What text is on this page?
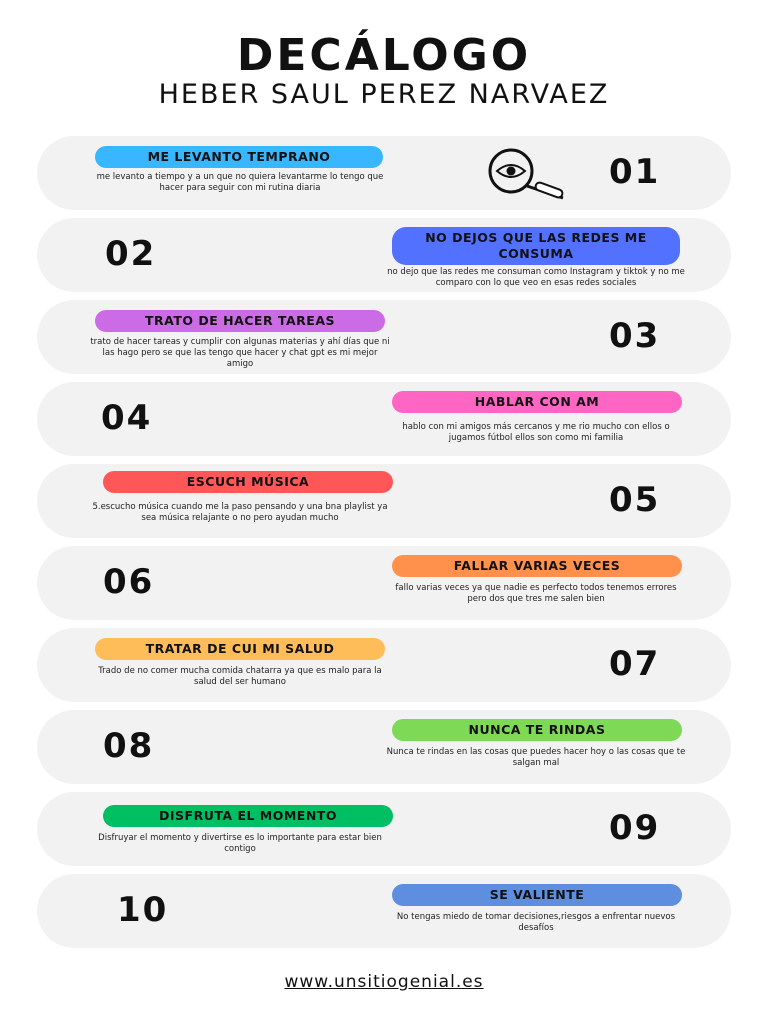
DECÁLOGO
HEBER SAUL PEREZ NARVAEZ
ME LEVANTO TEMPRANO
me levanto a tiempo y a un que no quiera levantarme lo tengo que hacer para seguir con mi rutina diaria	01
02	NO DEJOS QUE LAS REDES ME CONSUMA
no dejo que las redes me consuman como Instagram y tiktok y no me comparo con lo que veo en esas redes sociales
TRATO DE HACER TAREAS
trato de hacer tareas y cumplir con algunas materias y ahí días que ni las hago pero se que las tengo que hacer y chat gpt es mi mejor amigo
03
04	HABLAR CON AM
hablo con mi amigos más cercanos y me rio mucho con ellos o jugamos fútbol ellos son como mi familia
ESCUCH MÚSICA
5.escucho música cuando me la paso pensando y una bna playlist ya sea música relajante o no pero ayudan mucho	05
06	FALLAR VARIAS VECES
fallo varias veces ya que nadie es perfecto todos tenemos errores pero dos que tres me salen bien
TRATAR DE CUI MI SALUD
Trado de no comer mucha comida chatarra ya que es malo para la salud del ser humano	07
08	NUNCA TE RINDAS
Nunca te rindas en las cosas que puedes hacer hoy o las cosas que te salgan mal
DISFRUTA EL MOMENTO
Disfruyar el momento y divertirse es lo importante para estar bien contigo
09
10	SE VALIENTE
No tengas miedo de tomar decisiones,riesgos a enfrentar nuevos desafíos
www.unsitiogenial.es
